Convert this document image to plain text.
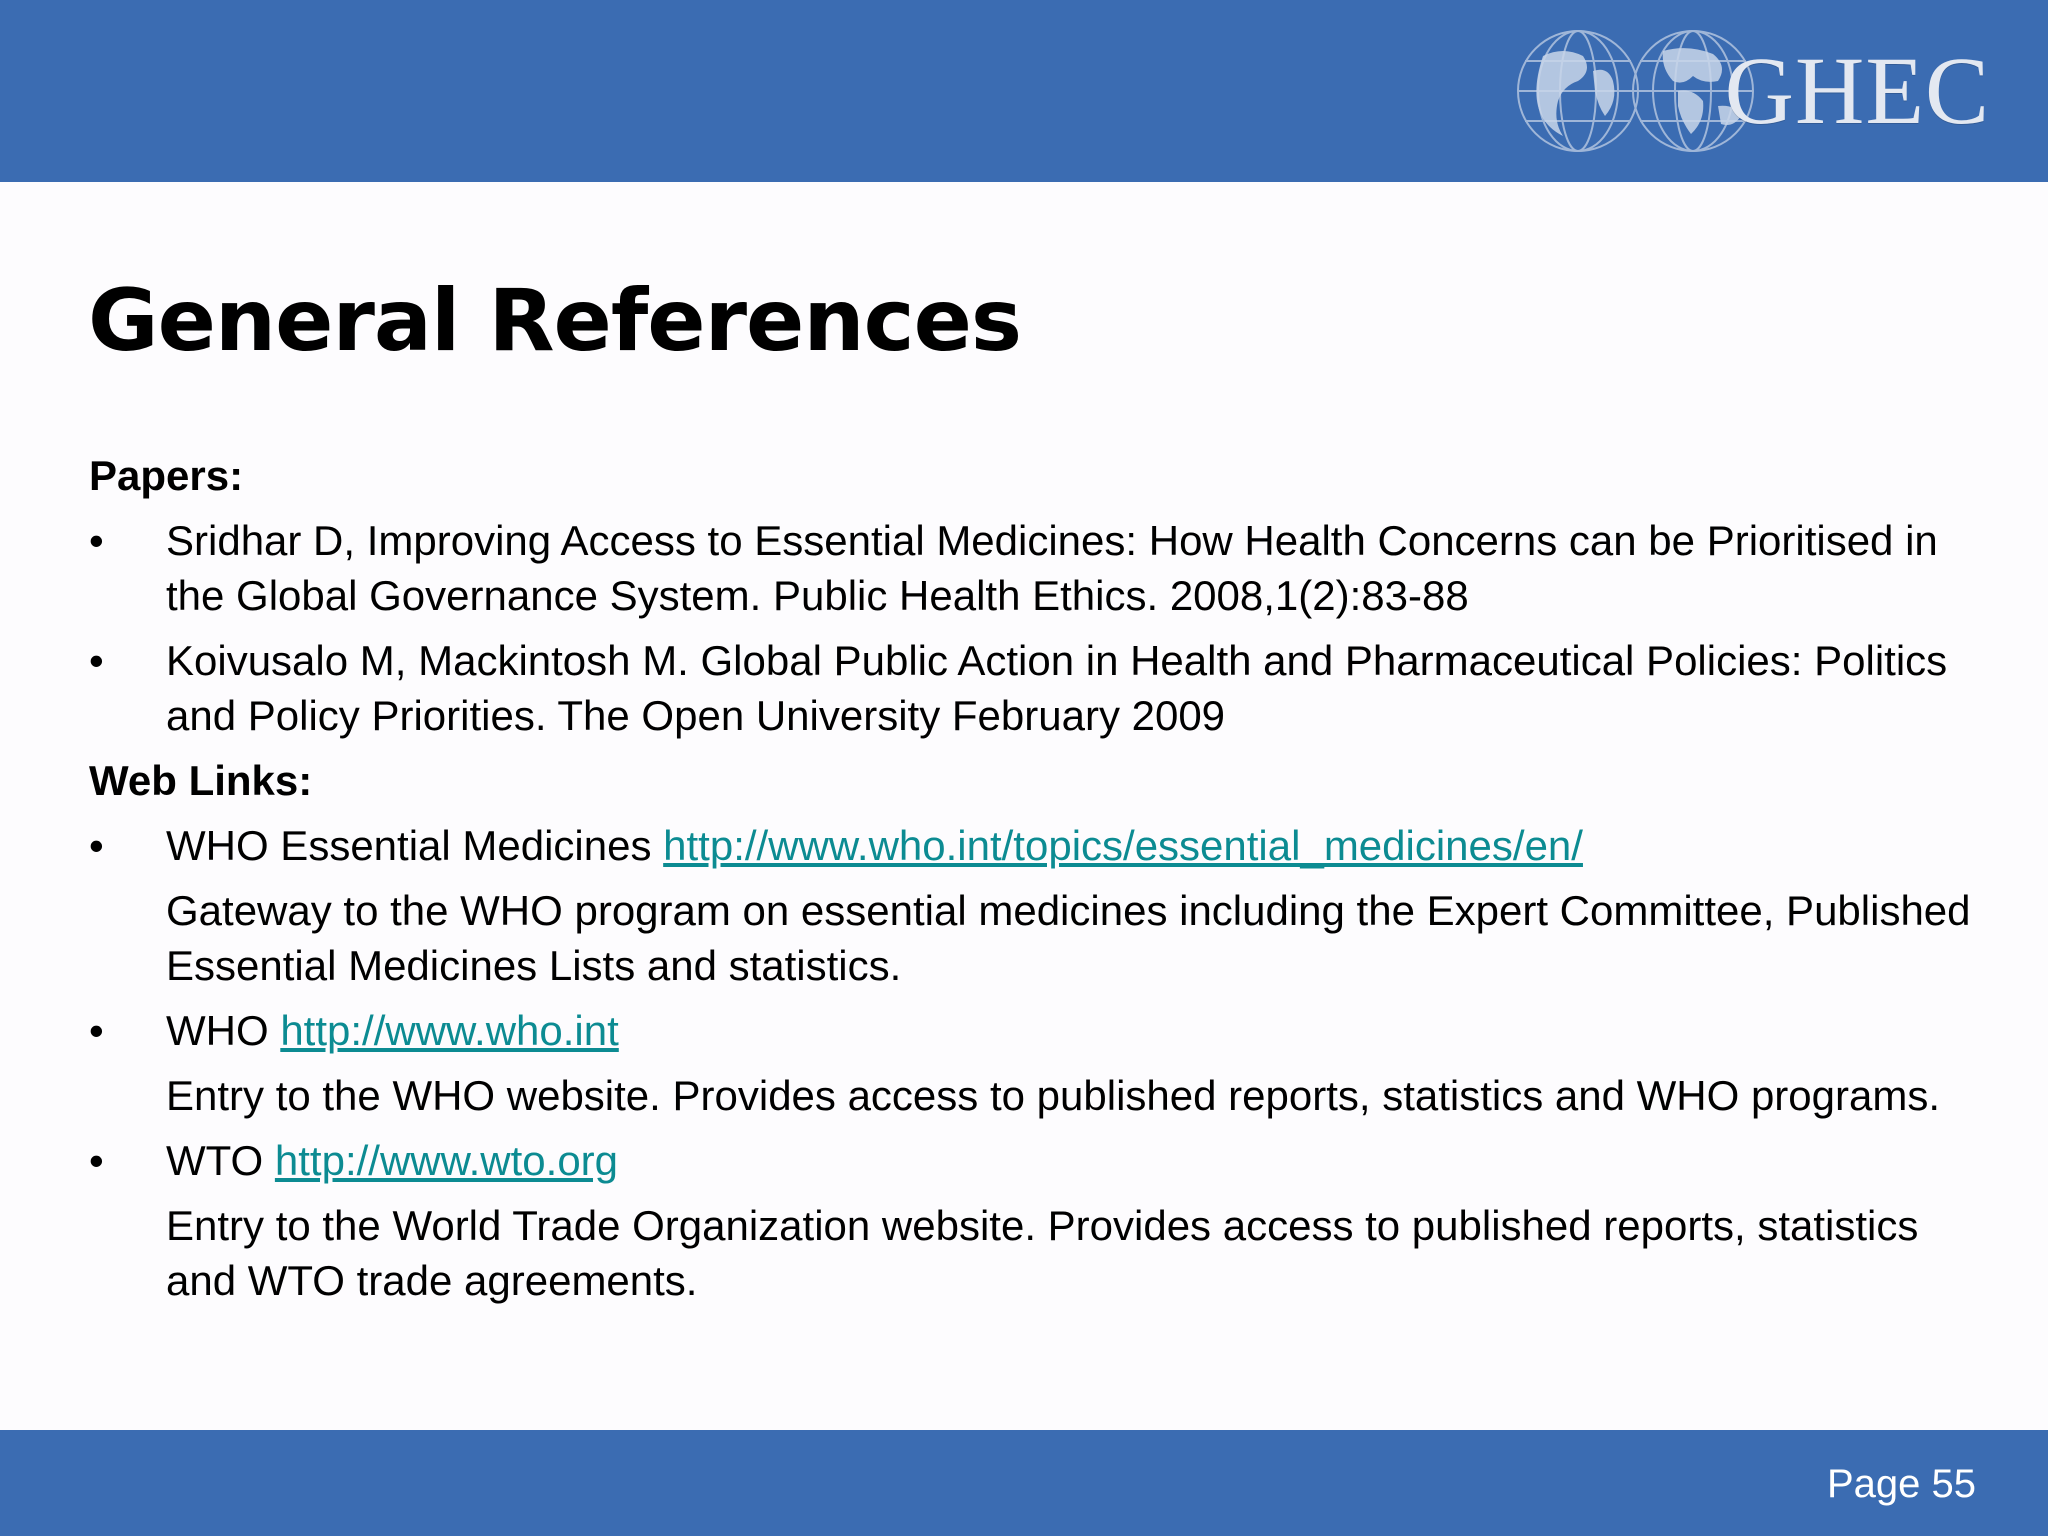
GHEC
General References

Papers:

• Sridhar D, Improving Access to Essential Medicines: How Health Concerns can be Prioritised in the Global Governance System. Public Health Ethics. 2008,1(2):83-88
• Koivusalo M, Mackintosh M. Global Public Action in Health and Pharmaceutical Policies: Politics and Policy Priorities. The Open University February 2009

Web Links:

• WHO Essential Medicines http://www.who.int/topics/essential_medicines/en/
Gateway to the WHO program on essential medicines including the Expert Committee, Published Essential Medicines Lists and statistics.
• WHO http://www.who.int
Entry to the WHO website. Provides access to published reports, statistics and WHO programs.
• WTO http://www.wto.org
Entry to the World Trade Organization website. Provides access to published reports, statistics and WTO trade agreements.
Page 55
